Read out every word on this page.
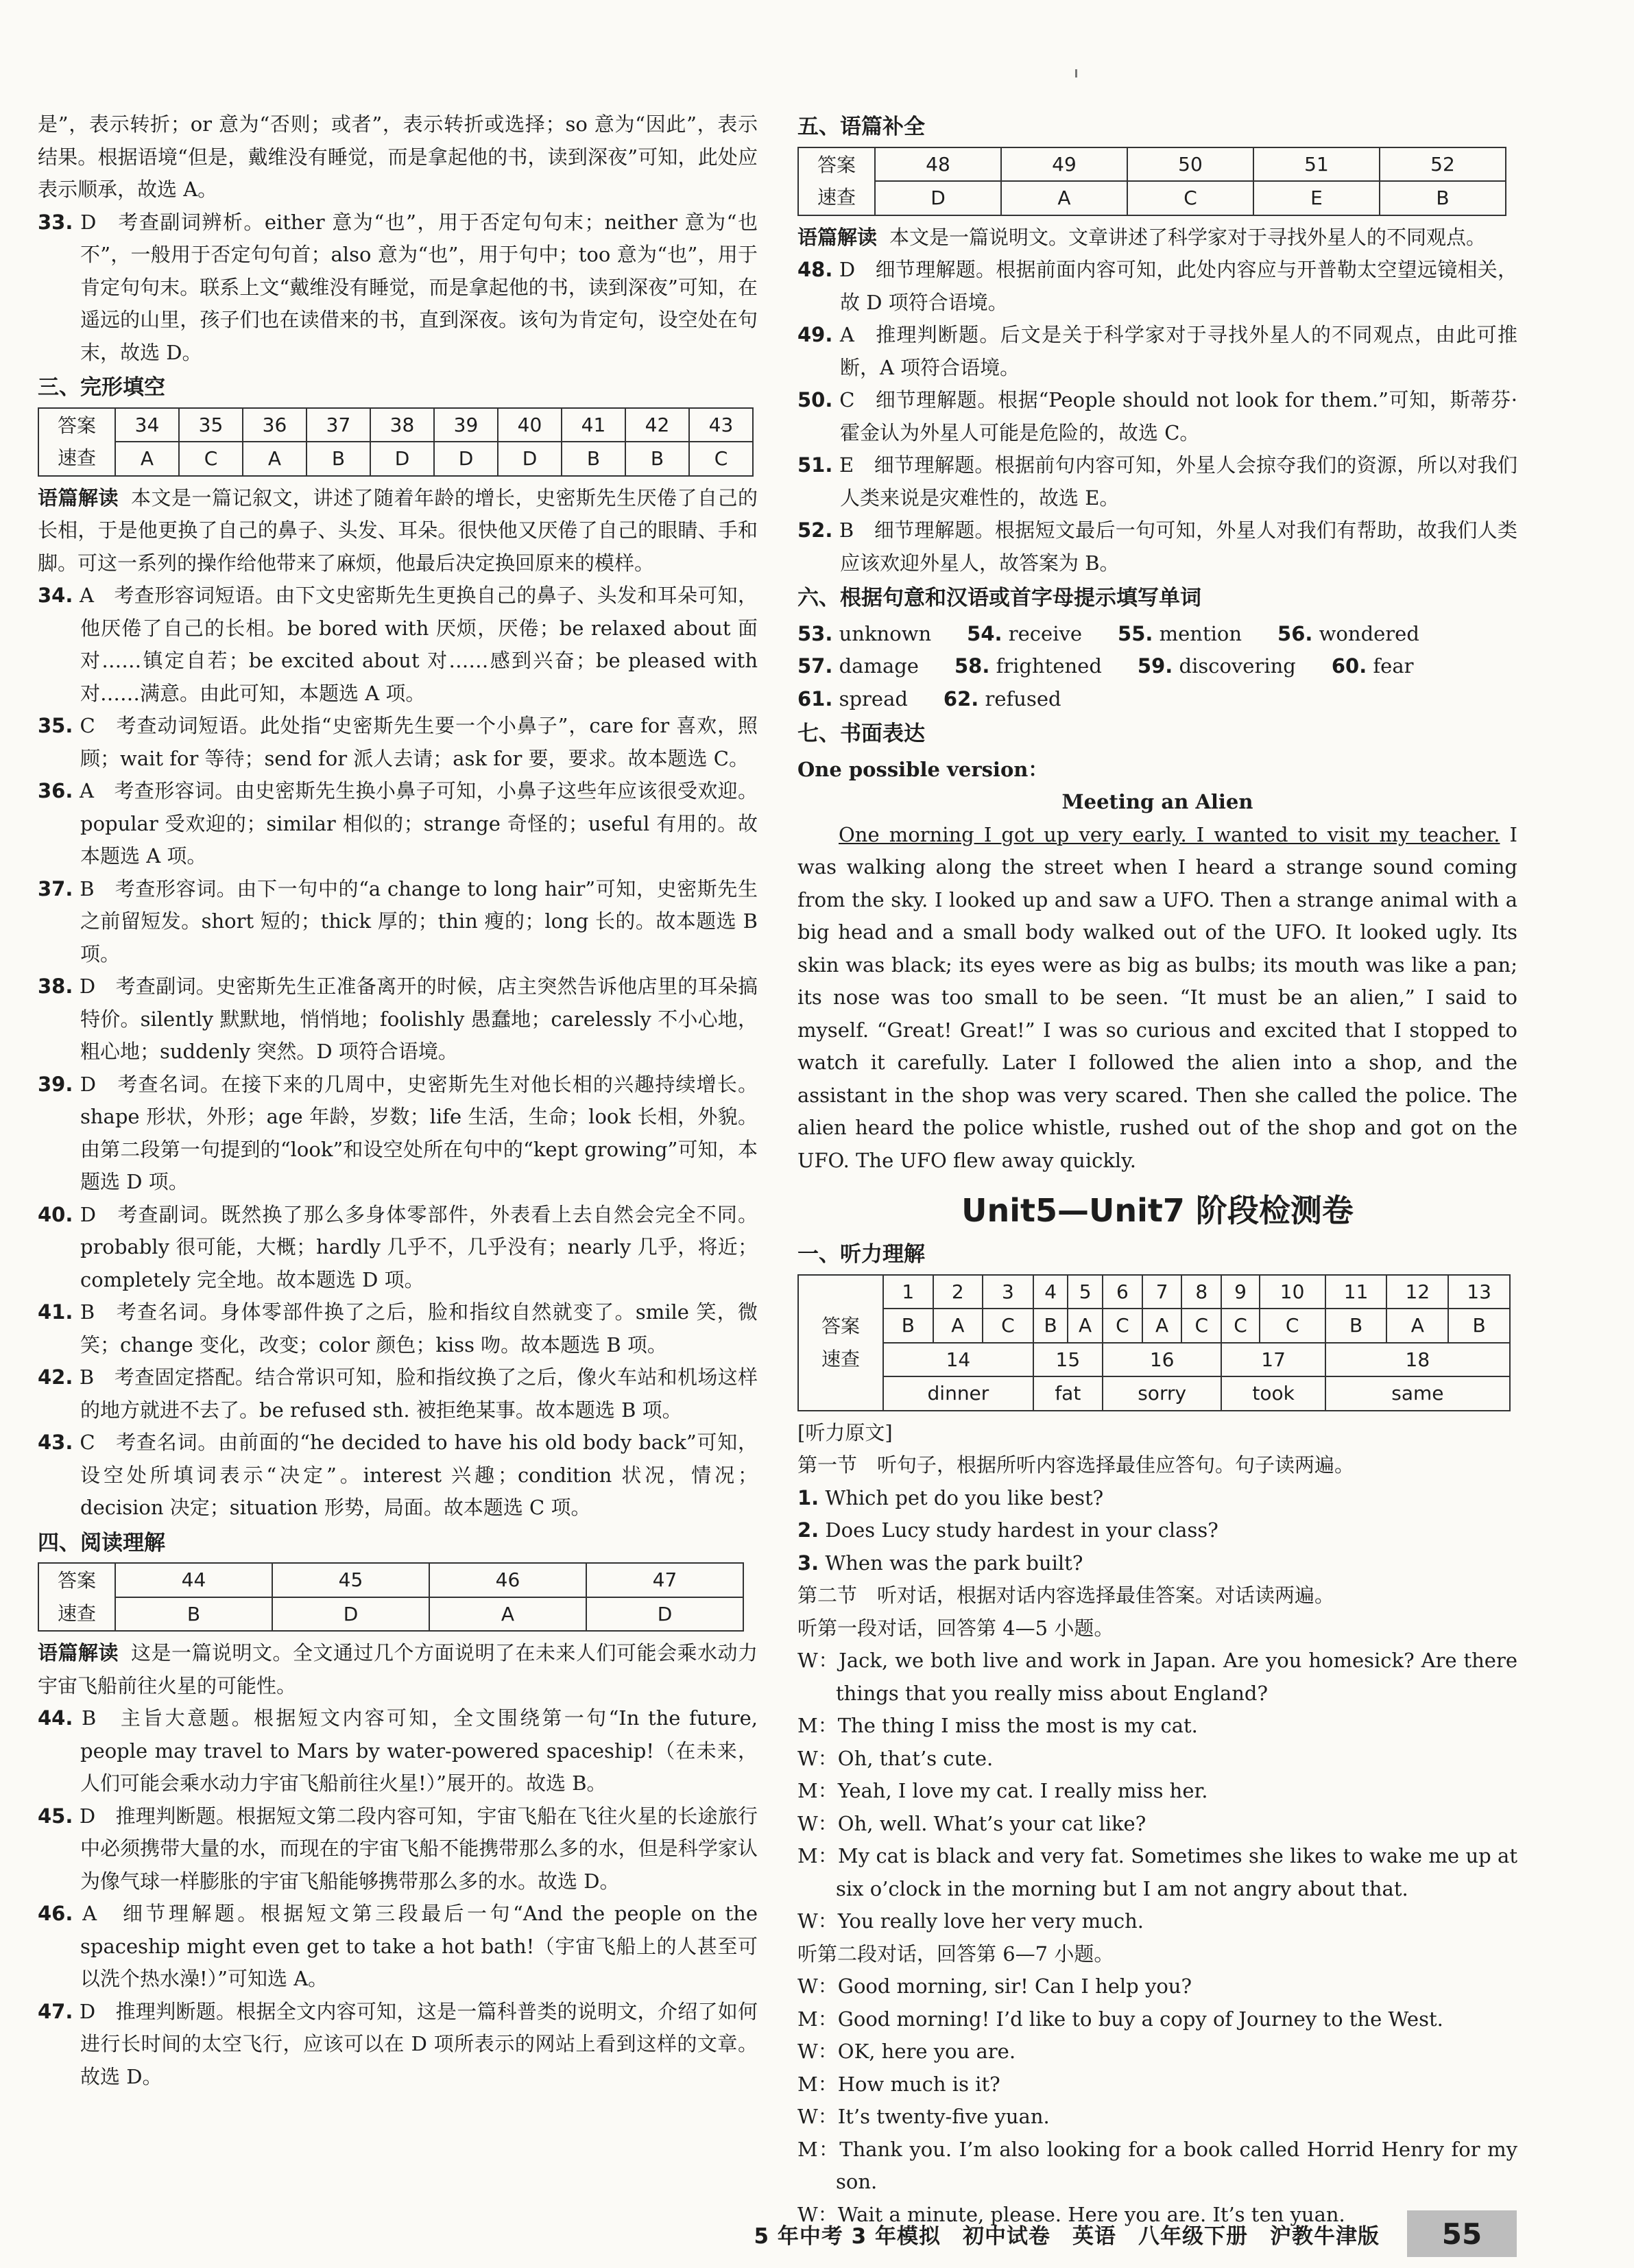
是”，表示转折；or 意为“否则；或者”，表示转折或选择；so 意为“因此”，表示结果。根据语境“但是，戴维没有睡觉，而是拿起他的书，读到深夜”可知，此处应表示顺承，故选 A。

33. D　考查副词辨析。either 意为“也”，用于否定句句末；neither 意为“也不”，一般用于否定句句首；also 意为“也”，用于句中；too 意为“也”，用于肯定句句末。联系上文“戴维没有睡觉，而是拿起他的书，读到深夜”可知，在遥远的山里，孩子们也在读借来的书，直到深夜。该句为肯定句，设空处在句末，故选 D。

三、完形填空
答案
速查	34	35	36	37	38	39	40	41	42	43
	A	C	A	B	D	D	D	B	B	C

语篇解读 本文是一篇记叙文，讲述了随着年龄的增长，史密斯先生厌倦了自己的长相，于是他更换了自己的鼻子、头发、耳朵。很快他又厌倦了自己的眼睛、手和脚。可这一系列的操作给他带来了麻烦，他最后决定换回原来的模样。

34. A　考查形容词短语。由下文史密斯先生更换自己的鼻子、头发和耳朵可知，他厌倦了自己的长相。be bored with 厌烦，厌倦；be relaxed about 面对……镇定自若；be excited about 对……感到兴奋；be pleased with 对……满意。由此可知，本题选 A 项。

35. C　考查动词短语。此处指“史密斯先生要一个小鼻子”，care for 喜欢，照顾；wait for 等待；send for 派人去请；ask for 要，要求。故本题选 C。

36. A　考查形容词。由史密斯先生换小鼻子可知，小鼻子这些年应该很受欢迎。popular 受欢迎的；similar 相似的；strange 奇怪的；useful 有用的。故本题选 A 项。

37. B　考查形容词。由下一句中的“a change to long hair”可知，史密斯先生之前留短发。short 短的；thick 厚的；thin 瘦的；long 长的。故本题选 B 项。

38. D　考查副词。史密斯先生正准备离开的时候，店主突然告诉他店里的耳朵搞特价。silently 默默地，悄悄地；foolishly 愚蠢地；carelessly 不小心地，粗心地；suddenly 突然。D 项符合语境。

39. D　考查名词。在接下来的几周中，史密斯先生对他长相的兴趣持续增长。shape 形状，外形；age 年龄，岁数；life 生活，生命；look 长相，外貌。由第二段第一句提到的“look”和设空处所在句中的“kept growing”可知，本题选 D 项。

40. D　考查副词。既然换了那么多身体零部件，外表看上去自然会完全不同。probably 很可能，大概；hardly 几乎不，几乎没有；nearly 几乎，将近；completely 完全地。故本题选 D 项。

41. B　考查名词。身体零部件换了之后，脸和指纹自然就变了。smile 笑，微笑；change 变化，改变；color 颜色；kiss 吻。故本题选 B 项。

42. B　考查固定搭配。结合常识可知，脸和指纹换了之后，像火车站和机场这样的地方就进不去了。be refused sth. 被拒绝某事。故本题选 B 项。

43. C　考查名词。由前面的“he decided to have his old body back”可知，设空处所填词表示“决定”。interest 兴趣；condition 状况，情况；decision 决定；situation 形势，局面。故本题选 C 项。

四、阅读理解
答案
速查	44	45	46	47
	B	D	A	D

语篇解读 这是一篇说明文。全文通过几个方面说明了在未来人们可能会乘水动力宇宙飞船前往火星的可能性。

44. B　主旨大意题。根据短文内容可知，全文围绕第一句“In the future, people may travel to Mars by water-powered spaceship!（在未来，人们可能会乘水动力宇宙飞船前往火星!）”展开的。故选 B。

45. D　推理判断题。根据短文第二段内容可知，宇宙飞船在飞往火星的长途旅行中必须携带大量的水，而现在的宇宙飞船不能携带那么多的水，但是科学家认为像气球一样膨胀的宇宙飞船能够携带那么多的水。故选 D。

46. A　细节理解题。根据短文第三段最后一句“And the people on the spaceship might even get to take a hot bath!（宇宙飞船上的人甚至可以洗个热水澡!）”可知选 A。

47. D　推理判断题。根据全文内容可知，这是一篇科普类的说明文，介绍了如何进行长时间的太空飞行，应该可以在 D 项所表示的网站上看到这样的文章。故选 D。

五、语篇补全
答案
速查	48	49	50	51	52
	D	A	C	E	B

语篇解读 本文是一篇说明文。文章讲述了科学家对于寻找外星人的不同观点。

48. D　细节理解题。根据前面内容可知，此处内容应与开普勒太空望远镜相关，故 D 项符合语境。

49. A　推理判断题。后文是关于科学家对于寻找外星人的不同观点，由此可推断，A 项符合语境。

50. C　细节理解题。根据“People should not look for them.”可知，斯蒂芬·霍金认为外星人可能是危险的，故选 C。

51. E　细节理解题。根据前句内容可知，外星人会掠夺我们的资源，所以对我们人类来说是灾难性的，故选 E。

52. B　细节理解题。根据短文最后一句可知，外星人对我们有帮助，故我们人类应该欢迎外星人，故答案为 B。

六、根据句意和汉语或首字母提示填写单词
53. unknown 54. receive 55. mention 56. wondered
57. damage 58. frightened 59. discovering 60. fear
61. spread 62. refused
七、书面表达

One possible version：

Meeting an Alien

One morning I got up very early. I wanted to visit my teacher. I was walking along the street when I heard a strange sound coming from the sky. I looked up and saw a UFO. Then a strange animal with a big head and a small body walked out of the UFO. It looked ugly. Its skin was black; its eyes were as big as bulbs; its mouth was like a pan; its nose was too small to be seen. “It must be an alien,” I said to myself. “Great! Great!” I was so curious and excited that I stopped to watch it carefully. Later I followed the alien into a shop, and the assistant in the shop was very scared. Then she called the police. The alien heard the police whistle, rushed out of the shop and got on the UFO. The UFO flew away quickly.

Unit5—Unit7 阶段检测卷
一、听力理解
答案
速查	1	2	3	4	5	6	7	8	9	10	11	12	13
	B	A	C	B	A	C	A	C	C	C	B	A	B
	14			15		16			17		18		
	dinner			fat		sorry			took		same		

[听力原文]

第一节　听句子，根据所听内容选择最佳应答句。句子读两遍。

1. Which pet do you like best?

2. Does Lucy study hardest in your class?

3. When was the park built?

第二节　听对话，根据对话内容选择最佳答案。对话读两遍。

听第一段对话，回答第 4—5 小题。

W：Jack, we both live and work in Japan. Are you homesick? Are there things that you really miss about England?

M：The thing I miss the most is my cat.

W：Oh, that’s cute.

M：Yeah, I love my cat. I really miss her.

W：Oh, well. What’s your cat like?

M：My cat is black and very fat. Sometimes she likes to wake me up at six o’clock in the morning but I am not angry about that.

W：You really love her very much.

听第二段对话，回答第 6—7 小题。

W：Good morning, sir! Can I help you?

M：Good morning! I’d like to buy a copy of Journey to the West.

W：OK, here you are.

M：How much is it?

W：It’s twenty-five yuan.

M：Thank you. I’m also looking for a book called Horrid Henry for my son.

W：Wait a minute, please. Here you are. It’s ten yuan.

5 年中考 3 年模拟　初中试卷　英语　八年级下册　沪教牛津版	55
